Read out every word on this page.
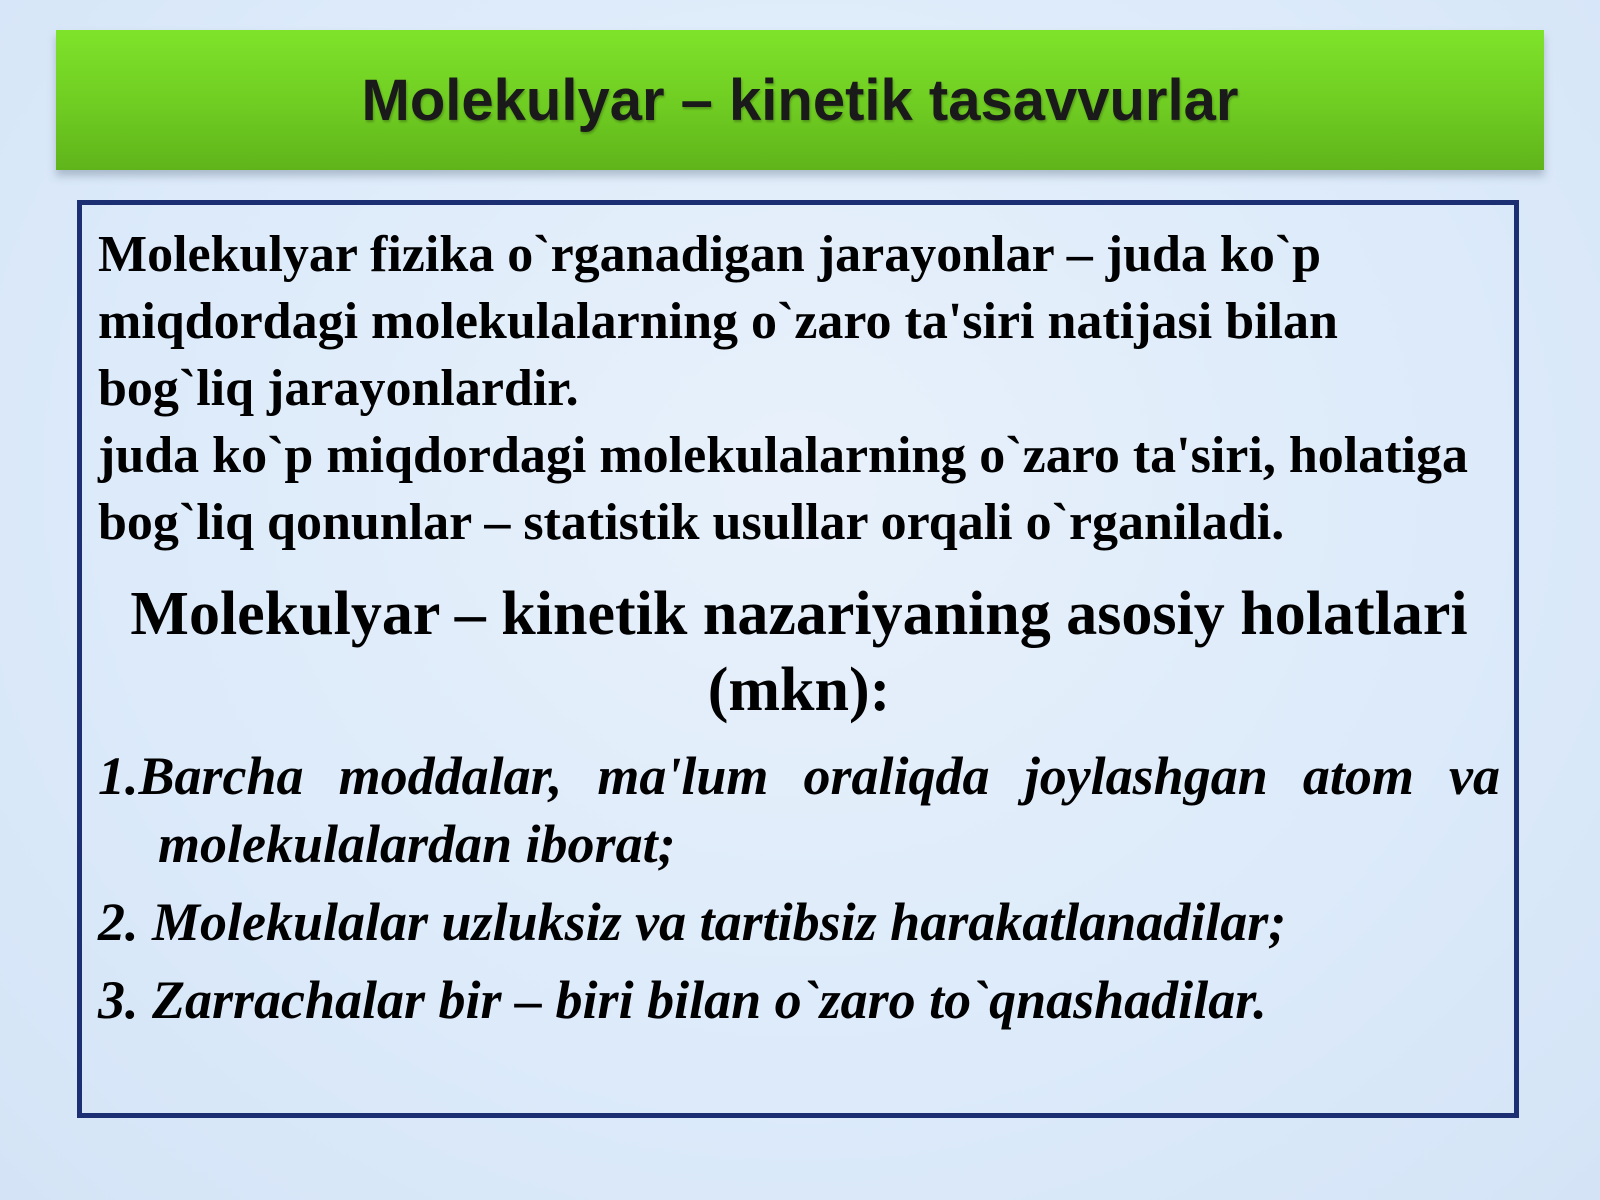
Molekulyar – kinetik tasavvurlar

Molekulyar fizika o`rganadigan jarayonlar – juda ko`p miqdordagi molekulalarning o`zaro ta'siri natijasi bilan bog`liq jarayonlardir.

juda ko`p miqdordagi molekulalarning o`zaro ta'siri, holatiga bog`liq qonunlar – statistik usullar orqali o`rganiladi.

Molekulyar – kinetik nazariyaning asosiy holatlari (mkn):

1.Barcha moddalar, ma'lum oraliqda joylashgan atom va molekulalardan iborat;

2. Molekulalar uzluksiz va tartibsiz harakatlanadilar;

3. Zarrachalar bir – biri bilan o`zaro to`qnashadilar.
